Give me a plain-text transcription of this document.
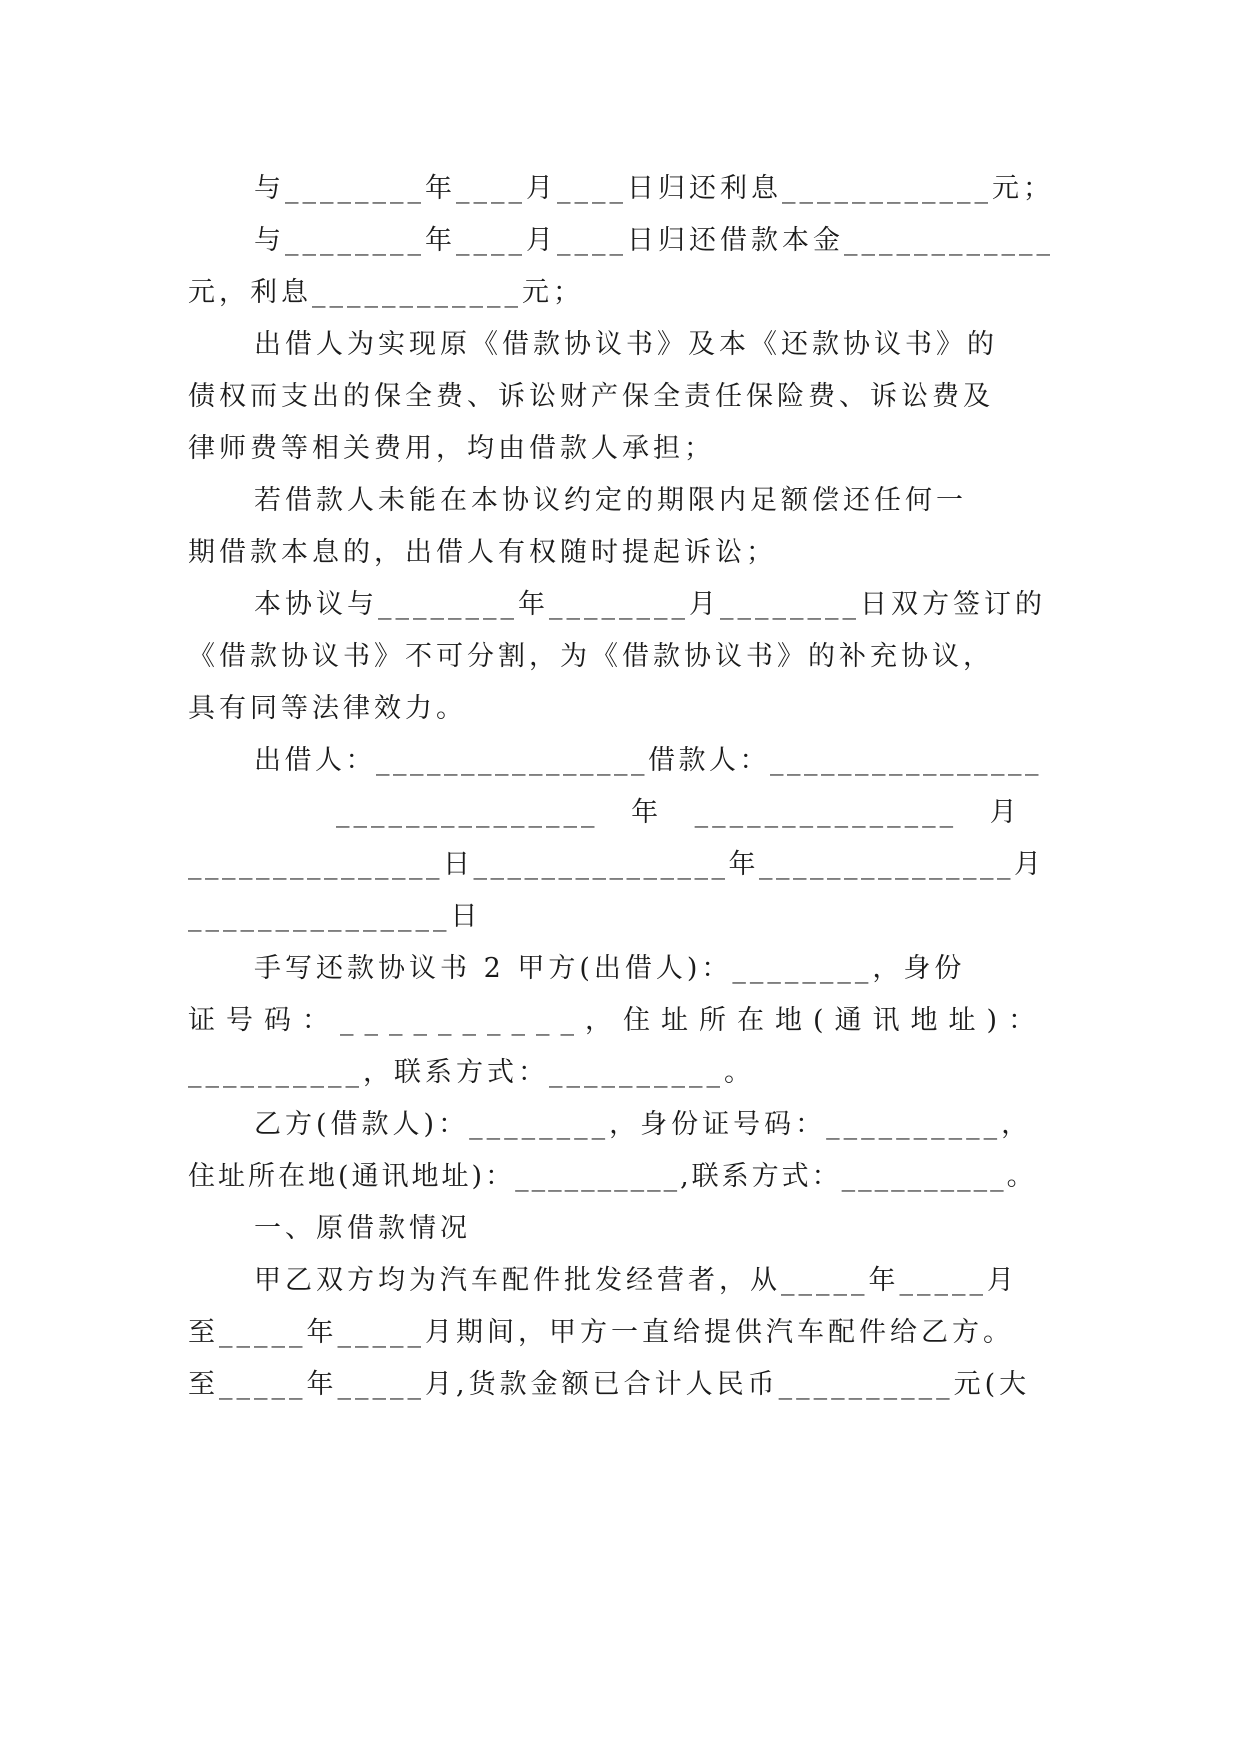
与________年____月____日归还利息____________元；
与________年____月____日归还借款本金____________
元，利息____________元；
出借人为实现原《借款协议书》及本《还款协议书》的
债权而支出的保全费、诉讼财产保全责任保险费、诉讼费及
律师费等相关费用，均由借款人承担；
若借款人未能在本协议约定的期限内足额偿还任何一
期借款本息的，出借人有权随时提起诉讼；
本协议与________年________月________日双方签订的
《借款协议书》不可分割，为《借款协议书》的补充协议，
具有同等法律效力。
出借人：________________借款人：________________
_______________ 年 _______________ 月
_______________日_______________年_______________月
_______________日
手写还款协议书 2 甲方(出借人)：________，身份
证号码：__________，住址所在地(通讯地址)：
__________，联系方式：__________。
乙方(借款人)：________，身份证号码：__________，
住址所在地(通讯地址)：__________,联系方式：__________。
一、原借款情况
甲乙双方均为汽车配件批发经营者，从_____年_____月
至_____年_____月期间，甲方一直给提供汽车配件给乙方。
至_____年_____月,货款金额已合计人民币__________元(大
